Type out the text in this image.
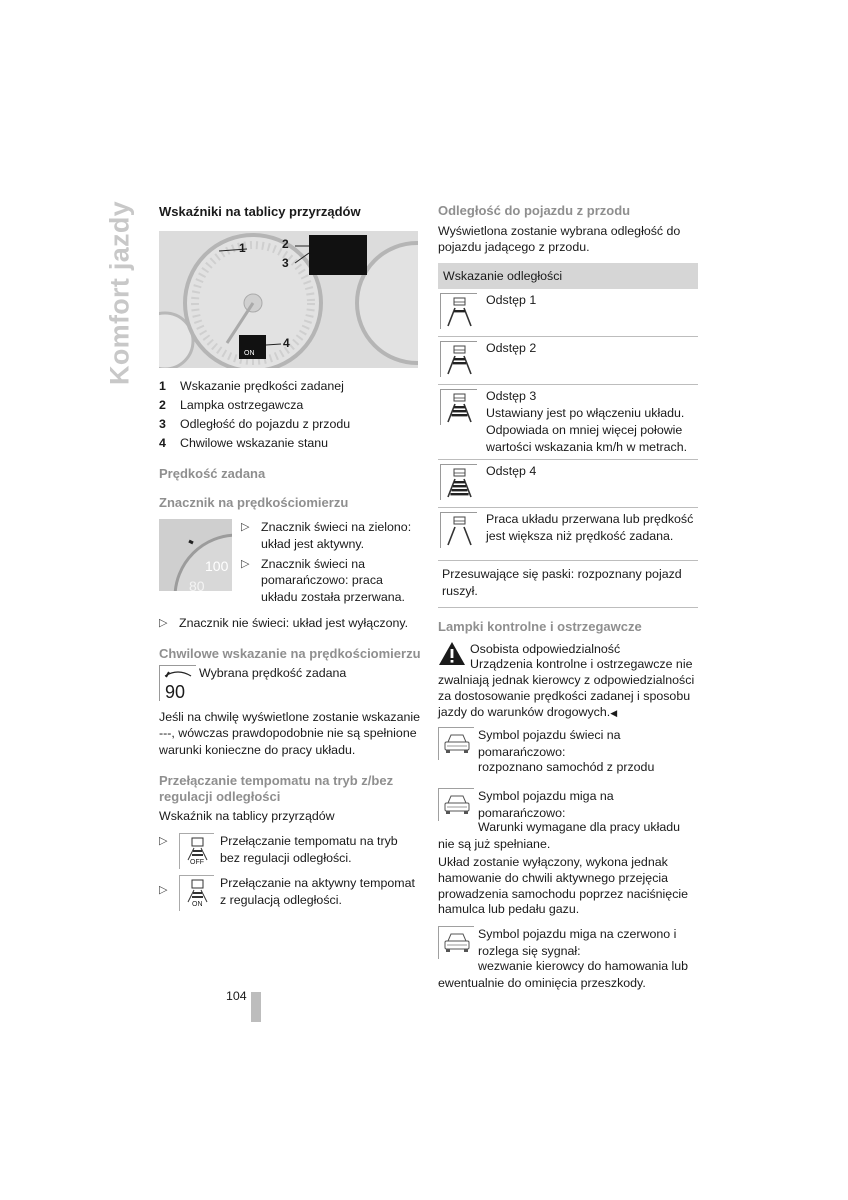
Komfort jazdy Wskaźniki na tablicy przyrządów
1	2
3
4
ON
1	Wskazanie prędkości zadanej
2	Lampka ostrzegawcza
3	Odległość do pojazdu z przodu
4	Chwilowe wskazanie stanu
Prędkość zadana
Znacznik na prędkościomierzu
100
80
▷ Znacznik świeci na zielono: układ jest aktywny.
▷ Znacznik świeci na pomarańczowo: praca układu została przerwana.
▷ Znacznik nie świeci: układ jest wyłączony.
Chwilowe wskazanie na prędkościomierzu
90
Wybrana prędkość zadana
Jeśli na chwilę wyświetlone zostanie wskazanie ---, wówczas prawdopodobnie nie są spełnione warunki konieczne do pracy układu.
Przełączanie tempomatu na tryb z/bez regulacji odległości
Wskaźnik na tablicy przyrządów
▷
OFF
Przełączanie tempomatu na tryb bez regulacji odległości.
▷
ON
Przełączanie na aktywny tempomat z regulacją odległości.
Odległość do pojazdu z przodu
Wyświetlona zostanie wybrana odległość do pojazdu jadącego z przodu.
Wskazanie odległości
Odstęp 1
Odstęp 2
Odstęp 3
Ustawiany jest po włączeniu układu. Odpowiada on mniej więcej połowie wartości wskazania km/h w metrach.
Odstęp 4
Praca układu przerwana lub prędkość jest większa niż prędkość zadana.
Przesuwające się paski: rozpoznany pojazd ruszył.
Lampki kontrolne i ostrzegawcze
Osobista odpowiedzialność
Urządzenia kontrolne i ostrzegawcze nie zwalniają jednak kierowcy z odpowiedzialności za dostosowanie prędkości zadanej i sposobu jazdy do warunków drogowych.◀
Symbol pojazdu świeci na pomarańczowo:
rozpoznano samochód z przodu
Symbol pojazdu miga na pomarańczowo:
Warunki wymagane dla pracy układu nie są już spełniane.
Układ zostanie wyłączony, wykona jednak hamowanie do chwili aktywnego przejęcia prowadzenia samochodu poprzez naciśnięcie hamulca lub pedału gazu.
Symbol pojazdu miga na czerwono i rozlega się sygnał:
wezwanie kierowcy do hamowania lub ewentualnie do ominięcia przeszkody.
104
